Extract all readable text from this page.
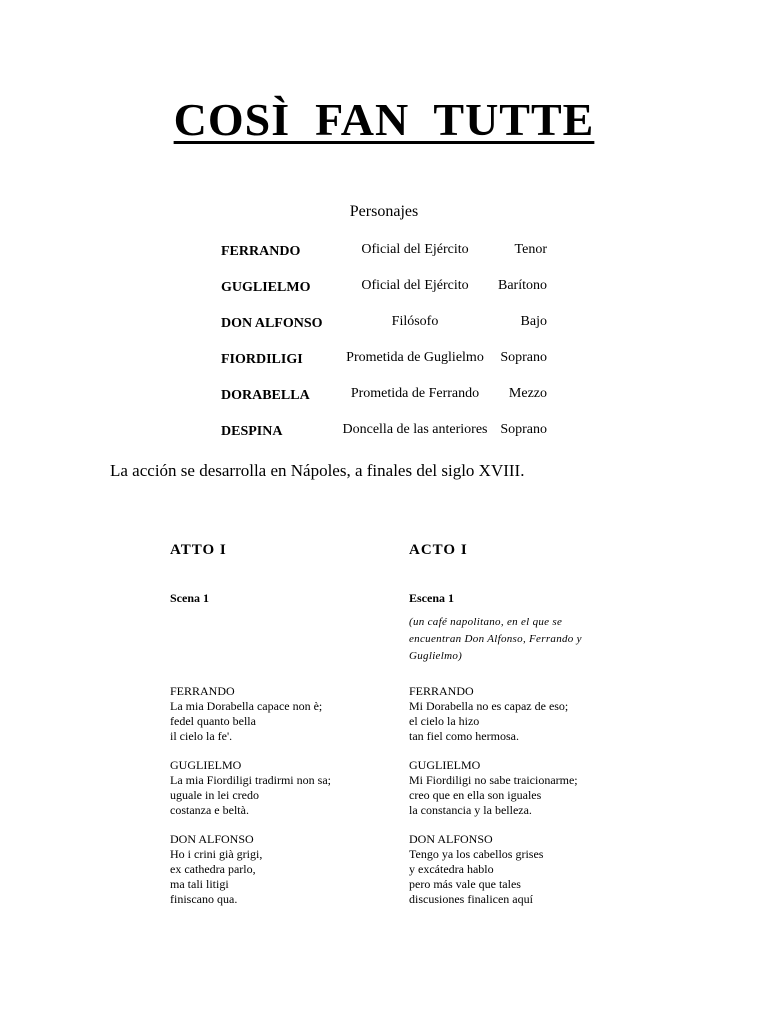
COSÌ  FAN  TUTTE
Personajes
FERRANDO	Oficial del Ejército	Tenor
GUGLIELMO	Oficial del Ejército	Barítono
DON ALFONSO	Filósofo	Bajo
FIORDILIGI	Prometida de Guglielmo	Soprano
DORABELLA	Prometida de Ferrando	Mezzo
DESPINA	Doncella de las anteriores Soprano
La acción se desarrolla en Nápoles, a finales del siglo XVIII.
ATTO I
Scena 1
FERRANDO
La mia Dorabella capace non è;
fedel quanto bella
il cielo la fe'.
GUGLIELMO
La mia Fiordiligi tradirmi non sa;
uguale in lei credo
costanza e beltà.
DON ALFONSO
Ho i crini già grigi,
ex cathedra parlo,
ma tali litigi
finiscano qua.
ACTO I
Escena 1
(un café napolitano, en el que se encuentran Don Alfonso, Ferrando y Guglielmo)
FERRANDO
Mi Dorabella no es capaz de eso;
el cielo la hizo
tan fiel como hermosa.
GUGLIELMO
Mi Fiordiligi no sabe traicionarme;
creo que en ella son iguales
la constancia y la belleza.
DON ALFONSO
Tengo ya los cabellos grises
y excátedra hablo
pero más vale que tales
discusiones finalicen aquí
